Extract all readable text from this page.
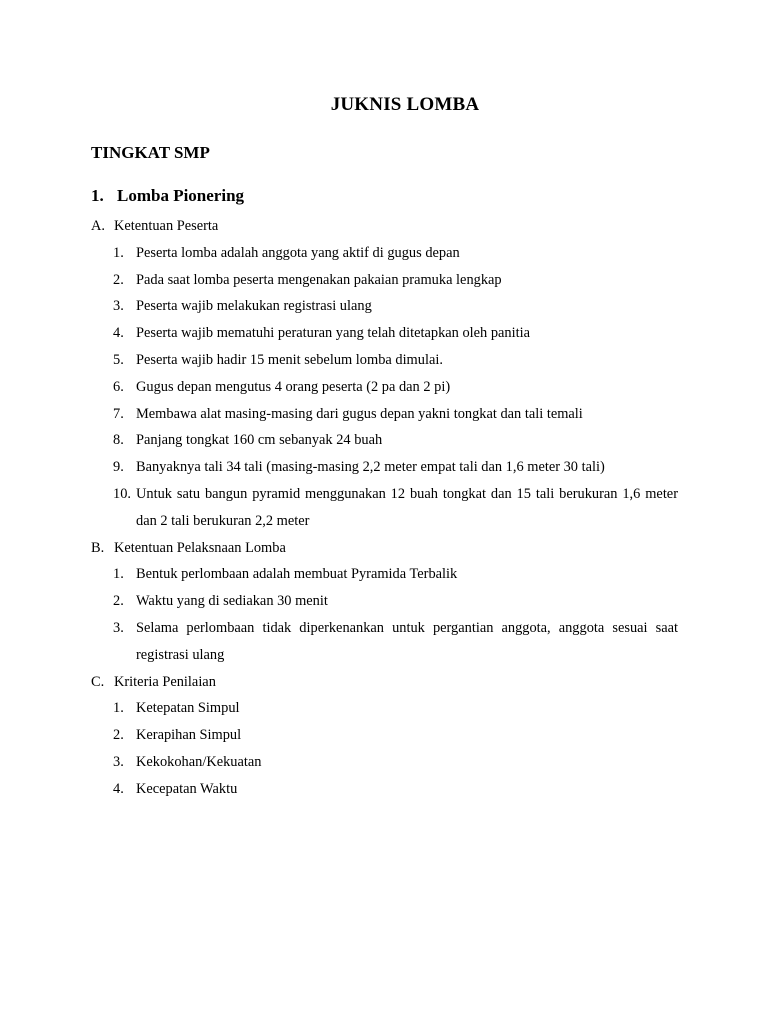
JUKNIS LOMBA
TINGKAT SMP
1. Lomba Pionering
A. Ketentuan Peserta
1. Peserta lomba adalah anggota yang aktif di gugus depan
2. Pada saat lomba peserta mengenakan pakaian pramuka lengkap
3. Peserta wajib melakukan registrasi ulang
4. Peserta wajib mematuhi peraturan yang telah ditetapkan oleh panitia
5. Peserta wajib hadir 15 menit sebelum lomba dimulai.
6. Gugus depan mengutus 4 orang peserta (2 pa dan 2 pi)
7. Membawa alat masing-masing dari gugus depan yakni tongkat dan tali temali
8. Panjang tongkat 160 cm sebanyak 24 buah
9. Banyaknya tali 34 tali (masing-masing 2,2 meter empat tali dan 1,6 meter 30 tali)
10. Untuk satu bangun pyramid menggunakan 12 buah tongkat dan 15 tali berukuran 1,6 meter dan 2 tali berukuran 2,2 meter
B. Ketentuan Pelaksnaan Lomba
1. Bentuk perlombaan adalah membuat Pyramida Terbalik
2. Waktu yang di sediakan 30 menit
3. Selama perlombaan tidak diperkenankan untuk pergantian anggota, anggota sesuai saat registrasi ulang
C. Kriteria Penilaian
1. Ketepatan Simpul
2. Kerapihan Simpul
3. Kekokohan/Kekuatan
4. Kecepatan Waktu
